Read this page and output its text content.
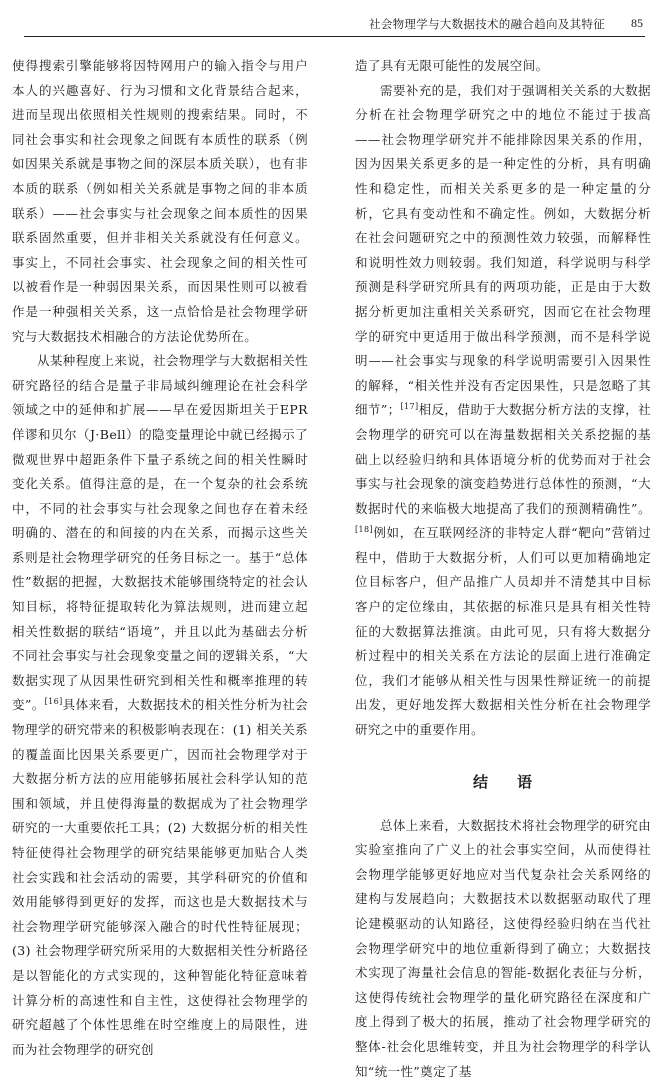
社会物理学与大数据技术的融合趋向及其特征 85

使得搜索引擎能够将因特网用户的输入指令与用户本人的兴趣喜好、行为习惯和文化背景结合起来，进而呈现出依照相关性规则的搜索结果。同时，不同社会事实和社会现象之间既有本质性的联系（例如因果关系就是事物之间的深层本质关联），也有非本质的联系（例如相关关系就是事物之间的非本质联系）——社会事实与社会现象之间本质性的因果联系固然重要，但并非相关关系就没有任何意义。事实上，不同社会事实、社会现象之间的相关性可以被看作是一种弱因果关系，而因果性则可以被看作是一种强相关关系，这一点恰恰是社会物理学研究与大数据技术相融合的方法论优势所在。

从某种程度上来说，社会物理学与大数据相关性研究路径的结合是量子非局域纠缠理论在社会科学领域之中的延伸和扩展——早在爱因斯坦关于EPR佯谬和贝尔（J·Bell）的隐变量理论中就已经揭示了微观世界中超距条件下量子系统之间的相关性瞬时变化关系。值得注意的是，在一个复杂的社会系统中，不同的社会事实与社会现象之间也存在着未经明确的、潜在的和间接的内在关系，而揭示这些关系则是社会物理学研究的任务目标之一。基于“总体性”数据的把握，大数据技术能够围绕特定的社会认知目标，将特征提取转化为算法规则，进而建立起相关性数据的联结“语境”，并且以此为基础去分析不同社会事实与社会现象变量之间的逻辑关系，“大数据实现了从因果性研究到相关性和概率推理的转变”。[16]具体来看，大数据技术的相关性分析为社会物理学的研究带来的积极影响表现在：(1) 相关关系的覆盖面比因果关系要更广，因而社会物理学对于大数据分析方法的应用能够拓展社会科学认知的范围和领域，并且使得海量的数据成为了社会物理学研究的一大重要依托工具；(2) 大数据分析的相关性特征使得社会物理学的研究结果能够更加贴合人类社会实践和社会活动的需要，其学科研究的价值和效用能够得到更好的发挥，而这也是大数据技术与社会物理学研究能够深入融合的时代性特征展现；(3) 社会物理学研究所采用的大数据相关性分析路径是以智能化的方式实现的，这种智能化特征意味着计算分析的高速性和自主性，这使得社会物理学的研究超越了个体性思维在时空维度上的局限性，进而为社会物理学的研究创

造了具有无限可能性的发展空间。

需要补充的是，我们对于强调相关关系的大数据分析在社会物理学研究之中的地位不能过于拔高——社会物理学研究并不能排除因果关系的作用，因为因果关系更多的是一种定性的分析，具有明确性和稳定性，而相关关系更多的是一种定量的分析，它具有变动性和不确定性。例如，大数据分析在社会问题研究之中的预测性效力较强，而解释性和说明性效力则较弱。我们知道，科学说明与科学预测是科学研究所具有的两项功能，正是由于大数据分析更加注重相关关系研究，因而它在社会物理学的研究中更适用于做出科学预测，而不是科学说明——社会事实与现象的科学说明需要引入因果性的解释，“相关性并没有否定因果性，只是忽略了其细节”；[17]相反，借助于大数据分析方法的支撑，社会物理学的研究可以在海量数据相关关系挖掘的基础上以经验归纳和具体语境分析的优势而对于社会事实与社会现象的演变趋势进行总体性的预测，“大数据时代的来临极大地提高了我们的预测精确性”。[18]例如，在互联网经济的非特定人群“靶向”营销过程中，借助于大数据分析，人们可以更加精确地定位目标客户，但产品推广人员却并不清楚其中目标客户的定位缘由，其依据的标准只是具有相关性特征的大数据算法推演。由此可见，只有将大数据分析过程中的相关关系在方法论的层面上进行准确定位，我们才能够从相关性与因果性辩证统一的前提出发，更好地发挥大数据相关性分析在社会物理学研究之中的重要作用。

结 语

总体上来看，大数据技术将社会物理学的研究由实验室推向了广义上的社会事实空间，从而使得社会物理学能够更好地应对当代复杂社会关系网络的建构与发展趋向；大数据技术以数据驱动取代了理论建模驱动的认知路径，这使得经验归纳在当代社会物理学研究中的地位重新得到了确立；大数据技术实现了海量社会信息的智能-数据化表征与分析，这使得传统社会物理学的量化研究路径在深度和广度上得到了极大的拓展，推动了社会物理学研究的整体-社会化思维转变，并且为社会物理学的科学认知“统一性”奠定了基
